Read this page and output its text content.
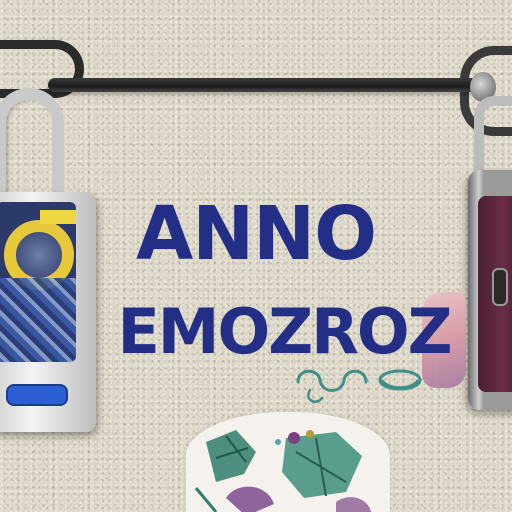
ANNO
EMOZROZ
